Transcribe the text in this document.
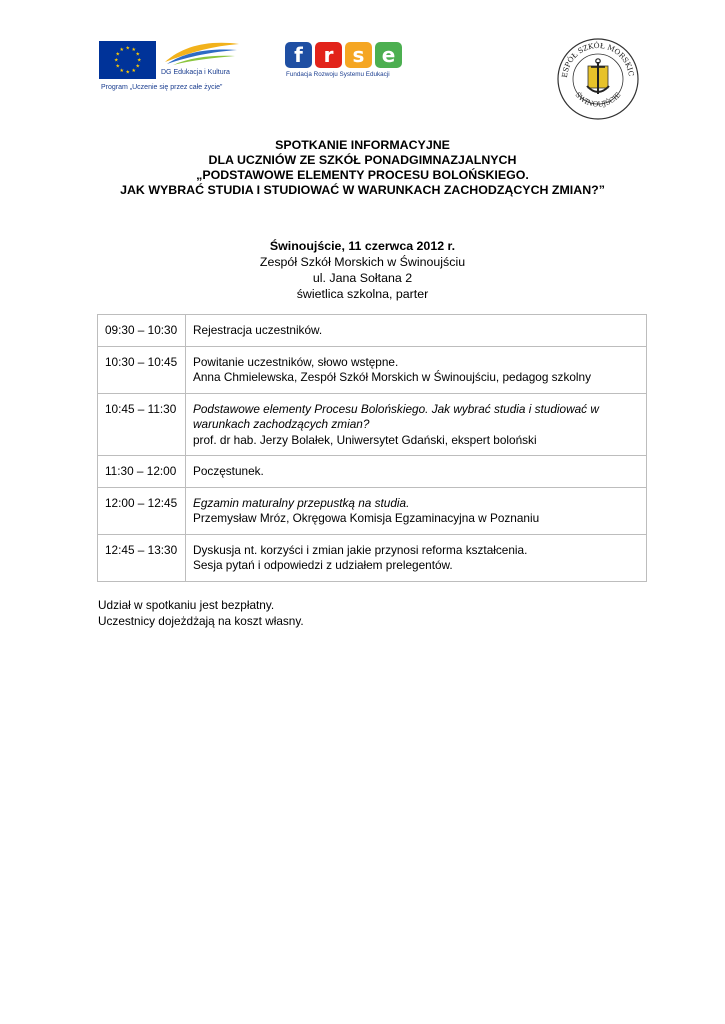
★ ★
★
★
★
★
★
★
★
★
★
★
DG Edukacja i Kultura
Program „Uczenie się przez całe życie”
f r s e
Fundacja Rozwoju Systemu Edukacji	ESPÓŁ SZKÓŁ MORSKIC
ŚWINOUJŚCIE
SPOTKANIE INFORMACYJNE
DLA UCZNIÓW ZE SZKÓŁ PONADGIMNAZJALNYCH
„PODSTAWOWE ELEMENTY PROCESU BOLOŃSKIEGO.
JAK WYBRAĆ STUDIA I STUDIOWAĆ W WARUNKACH ZACHODZĄCYCH ZMIAN?”
Świnoujście, 11 czerwca 2012 r.
Zespół Szkół Morskich w Świnoujściu
ul. Jana Sołtana 2
świetlica szkolna, parter
09:30 – 10:30	Rejestracja uczestników.

10:30 – 10:45	Powitanie uczestników, słowo wstępne.
Anna Chmielewska, Zespół Szkół Morskich w Świnoujściu, pedagog szkolny

10:45 – 11:30	Podstawowe elementy Procesu Bolońskiego. Jak wybrać studia i studiować w warunkach zachodzących zmian?
prof. dr hab. Jerzy Bolałek, Uniwersytet Gdański, ekspert boloński

11:30 – 12:00	Poczęstunek.

12:00 – 12:45	Egzamin maturalny przepustką na studia.
Przemysław Mróz, Okręgowa Komisja Egzaminacyjna w Poznaniu

12:45 – 13:30	Dyskusja nt. korzyści i zmian jakie przynosi reforma kształcenia.
Sesja pytań i odpowiedzi z udziałem prelegentów.
Udział w spotkaniu jest bezpłatny.
Uczestnicy dojeżdżają na koszt własny.
